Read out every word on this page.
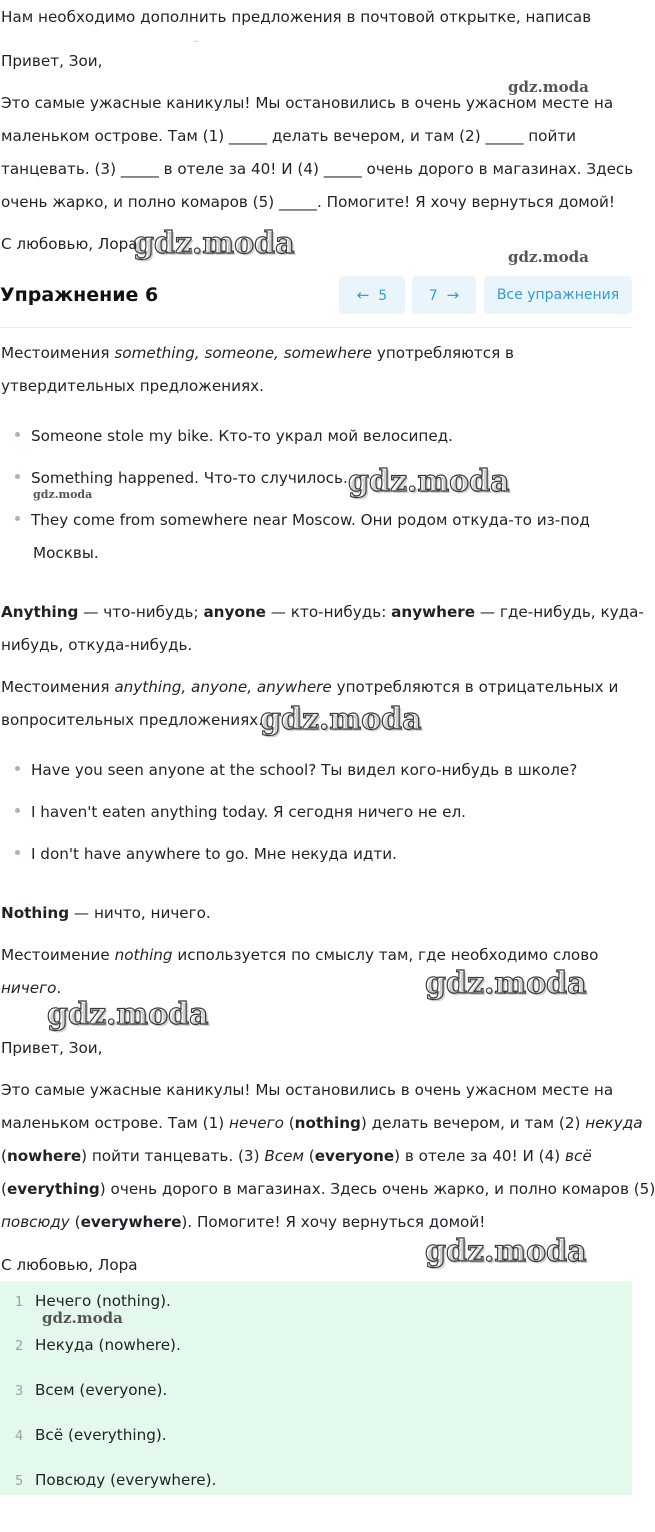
Нам необходимо дополнить предложения в почтовой открытке, написав
..
Привет, Зои,
Это самые ужасные каникулы! Мы остановились в очень ужасном месте на
маленьком острове. Там (1) _____ делать вечером, и там (2) _____ пойти
танцевать. (3) _____ в отеле за 40! И (4) _____ очень дорого в магазинах. Здесь
очень жарко, и полно комаров (5) _____. Помогите! Я хочу вернуться домой!
С любовью, Лора
Упражнение 6	← 5	7 →	Все упражнения
Местоимения something, someone, somewhere употребляются в
утвердительных предложениях.
Someone stole my bike. Кто-то украл мой велосипед.
Something happened. Что-то случилось.
They come from somewhere near Moscow. Они родом откуда-то из-под
Москвы.
Anything — что-нибудь; anyone — кто-нибудь: anywhere — где-нибудь, куда-
нибудь, откуда-нибудь.
Местоимения anything, anyone, anywhere употребляются в отрицательных и
вопросительных предложениях.
Have you seen anyone at the school? Ты видел кого-нибудь в школе?
I haven't eaten anything today. Я сегодня ничего не ел.
I don't have anywhere to go. Мне некуда идти.
Nothing — ничто, ничего.
Местоимение nothing используется по смыслу там, где необходимо слово
ничего.
Привет, Зои,
Это самые ужасные каникулы! Мы остановились в очень ужасном месте на
маленьком острове. Там (1) нечего (nothing) делать вечером, и там (2) некуда
(nowhere) пойти танцевать. (3) Всем (everyone) в отеле за 40! И (4) всё
(everything) очень дорого в магазинах. Здесь очень жарко, и полно комаров (5)
повсюду (everywhere). Помогите! Я хочу вернуться домой!
С любовью, Лора
1 Нечего (nothing).
2 Некуда (nowhere).
3 Всем (everyone).
4 Всё (everything).
5 Повсюду (everywhere).
gdz.moda
gdz.moda	gdz.moda
gdz.moda
gdz.moda
gdz.moda
gdz.moda
gdz.moda
gdz.moda
gdz.moda
